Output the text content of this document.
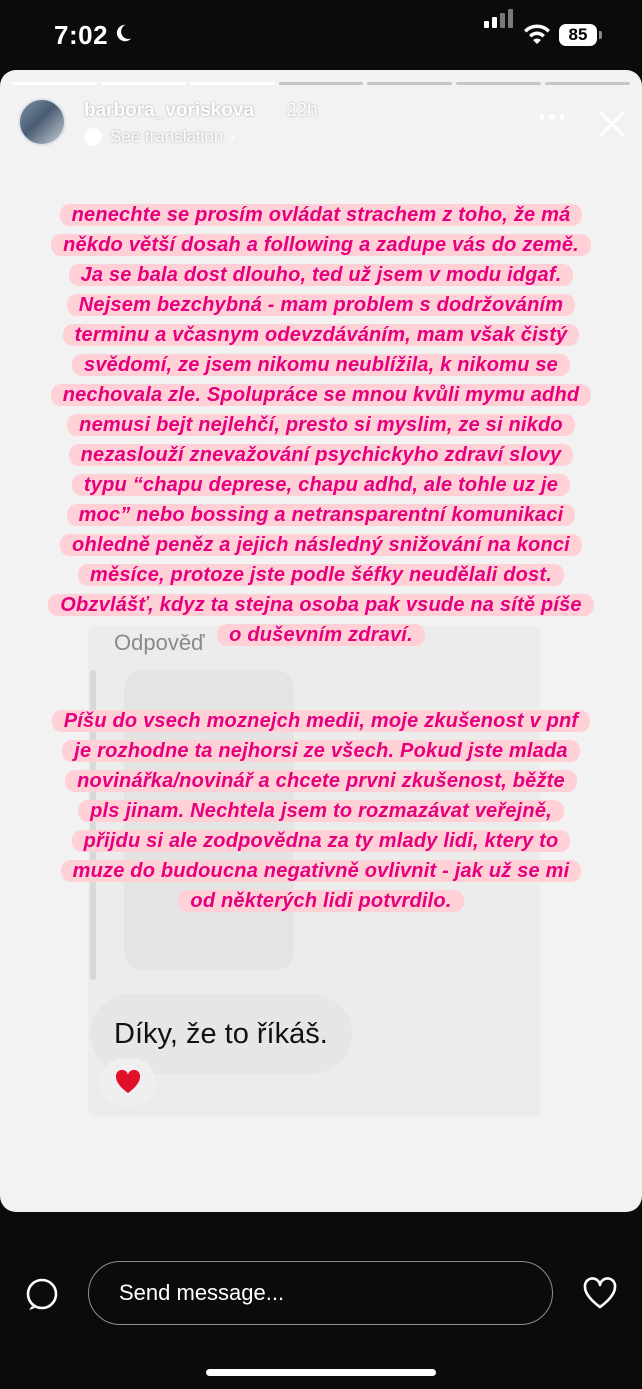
7:02	85
barbora_voriskova 22h
See translation ›
Odpověď
Díky, že to říkáš.
nenechte se prosím ovládat strachem z toho, že má
někdo větší dosah a following a zadupe vás do země.
Ja se bala dost dlouho, ted už jsem v modu idgaf.
Nejsem bezchybná - mam problem s dodržováním
terminu a včasnym odevzdáváním, mam však čistý
svědomí, ze jsem nikomu neublížila, k nikomu se
nechovala zle. Spolupráce se mnou kvůli mymu adhd
nemusi bejt nejlehčí, presto si myslim, ze si nikdo
nezaslouží znevažování psychickyho zdraví slovy
typu “chapu deprese, chapu adhd, ale tohle uz je
moc” nebo bossing a netransparentní komunikaci
ohledně peněz a jejich následný snižování na konci
měsíce, protoze jste podle šéfky neudělali dost.
Obzvlášť, kdyz ta stejna osoba pak vsude na sítě píše
o duševním zdraví.
Píšu do vsech moznejch medii, moje zkušenost v pnf
je rozhodne ta nejhorsi ze všech. Pokud jste mlada
novinářka/novinář a chcete prvni zkušenost, běžte
pls jinam. Nechtela jsem to rozmazávat veřejně,
přijdu si ale zodpovědna za ty mlady lidi, ktery to
muze do budoucna negativně ovlivnit - jak už se mi
od některých lidi potvrdilo.
Send message...
